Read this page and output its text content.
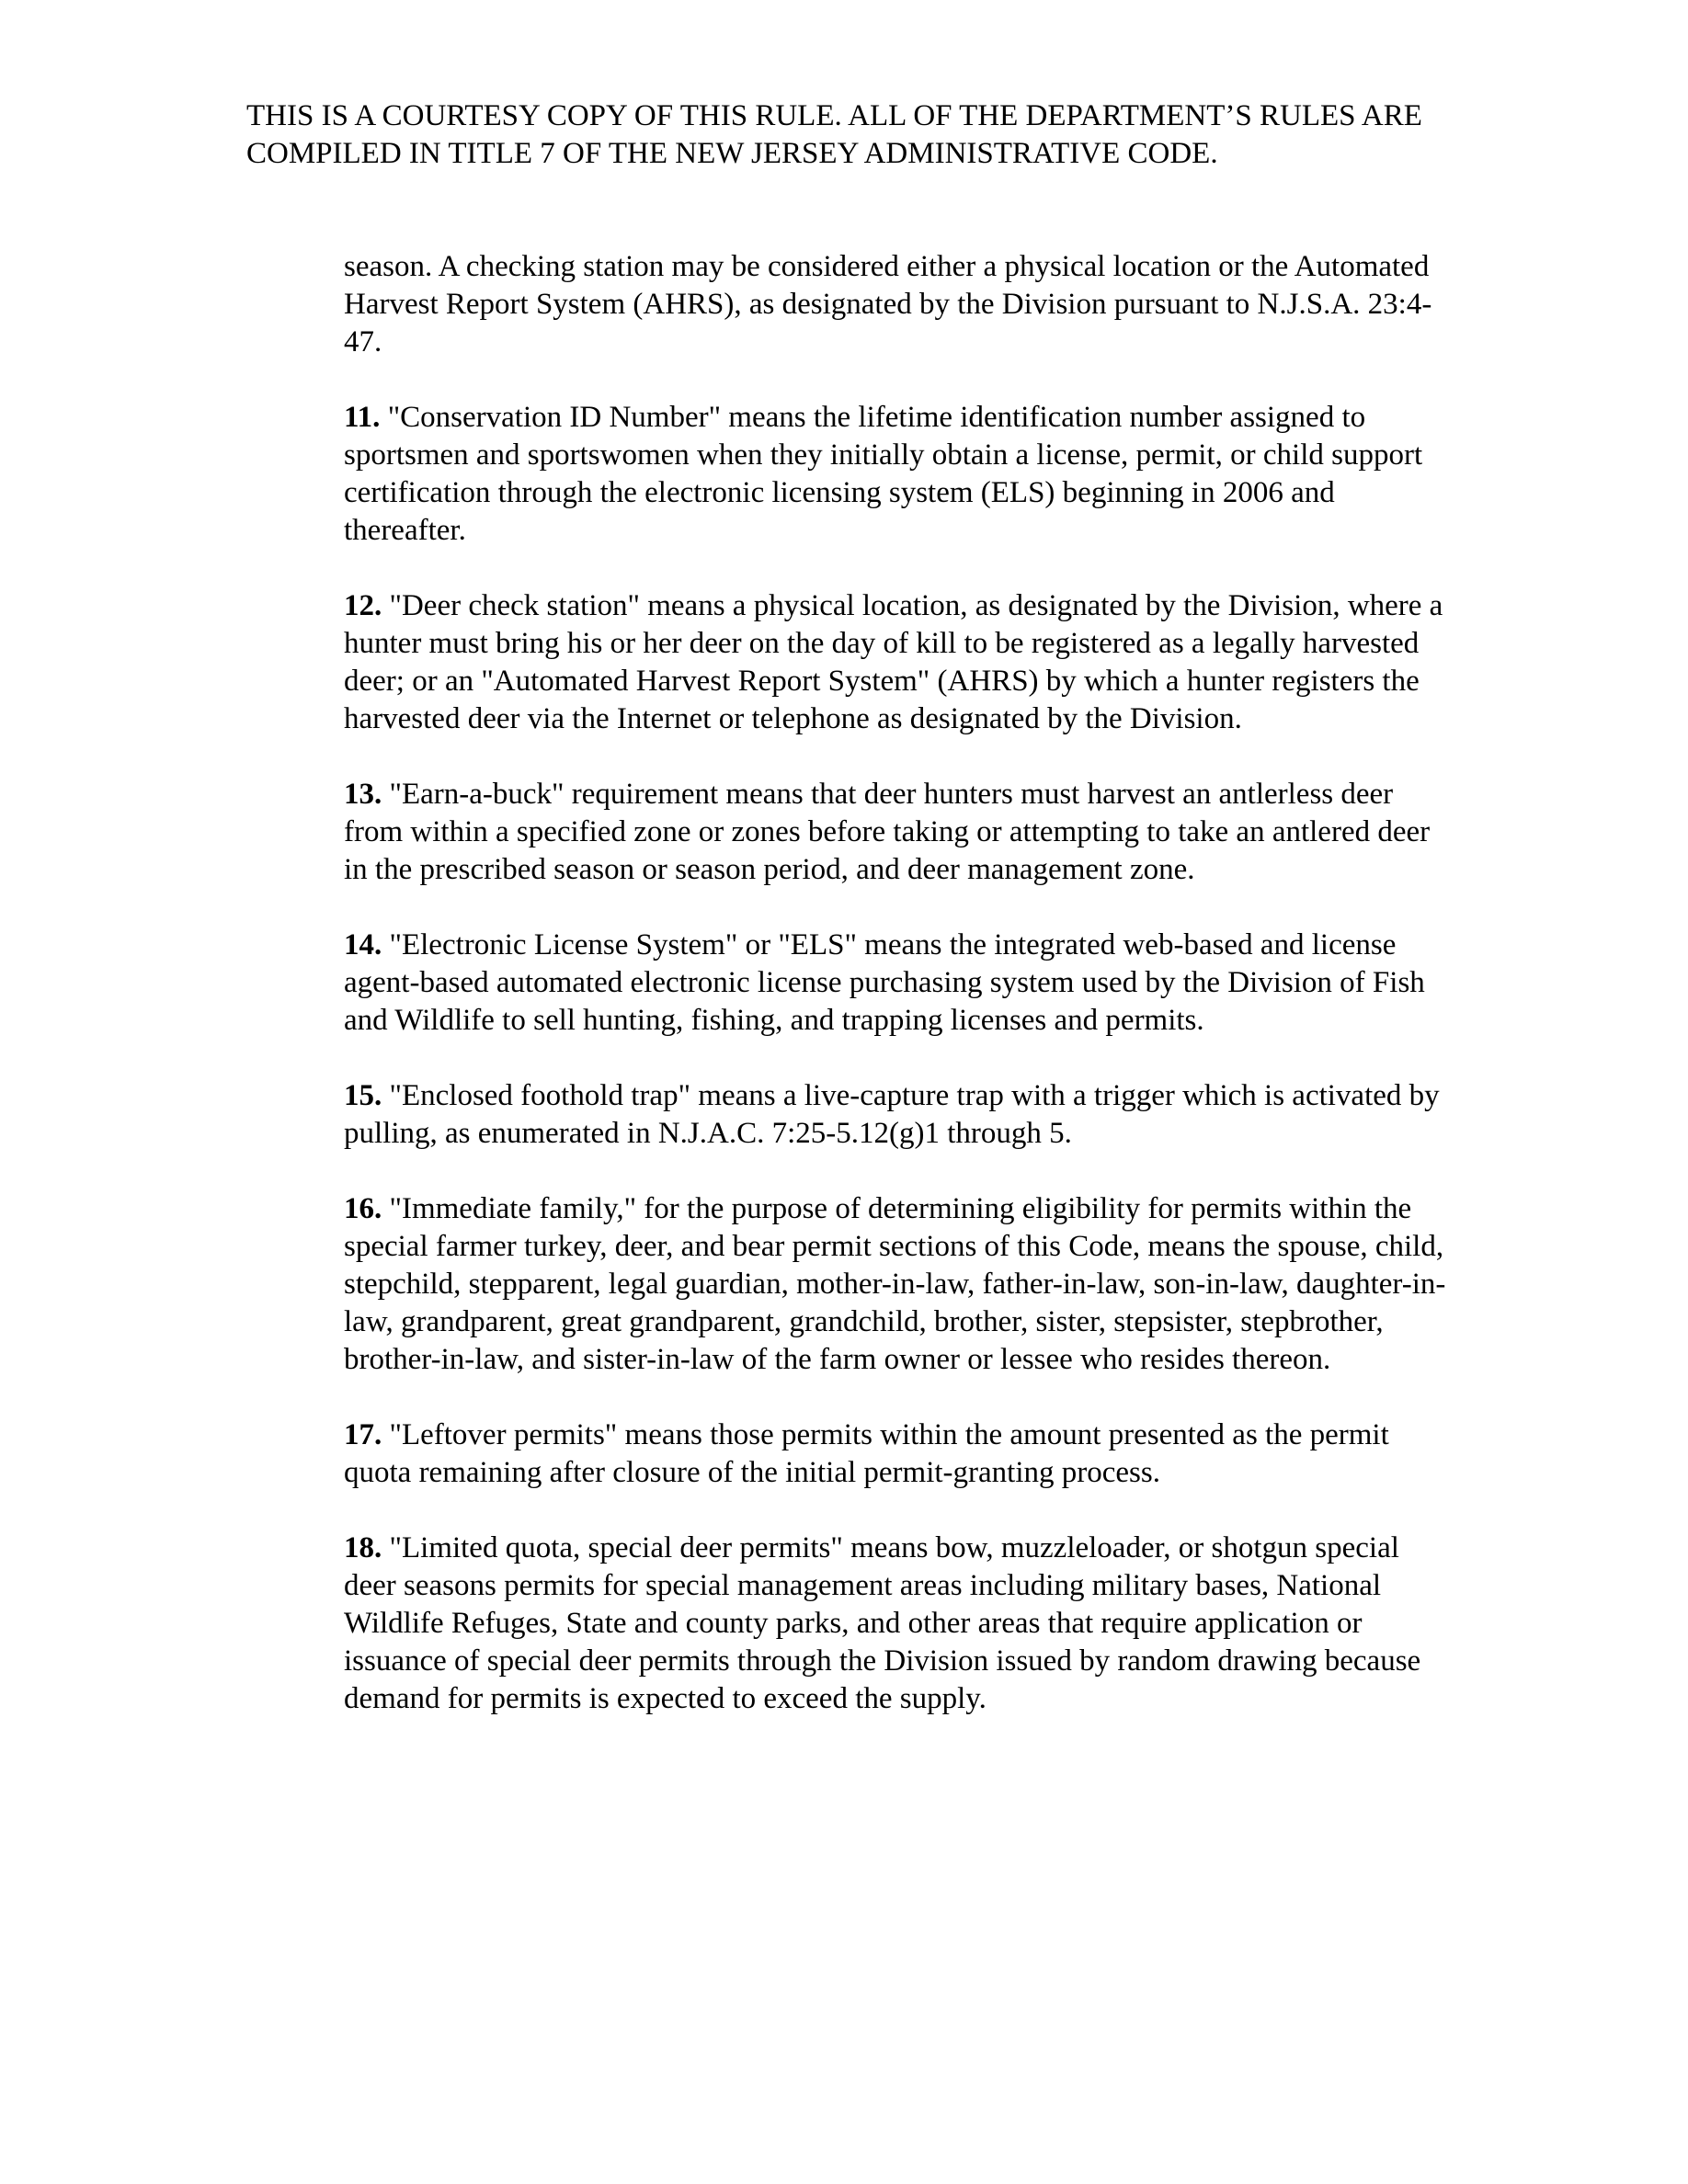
THIS IS A COURTESY COPY OF THIS RULE. ALL OF THE DEPARTMENT’S RULES ARE COMPILED IN TITLE 7 OF THE NEW JERSEY ADMINISTRATIVE CODE.

season. A checking station may be considered either a physical location or the Automated Harvest Report System (AHRS), as designated by the Division pursuant to N.J.S.A. 23:4-47.

11. "Conservation ID Number" means the lifetime identification number assigned to sportsmen and sportswomen when they initially obtain a license, permit, or child support certification through the electronic licensing system (ELS) beginning in 2006 and thereafter.

12. "Deer check station" means a physical location, as designated by the Division, where a hunter must bring his or her deer on the day of kill to be registered as a legally harvested deer; or an "Automated Harvest Report System" (AHRS) by which a hunter registers the harvested deer via the Internet or telephone as designated by the Division.

13. "Earn-a-buck" requirement means that deer hunters must harvest an antlerless deer from within a specified zone or zones before taking or attempting to take an antlered deer in the prescribed season or season period, and deer management zone.

14. "Electronic License System" or "ELS" means the integrated web-based and license agent-based automated electronic license purchasing system used by the Division of Fish and Wildlife to sell hunting, fishing, and trapping licenses and permits.

15. "Enclosed foothold trap" means a live-capture trap with a trigger which is activated by pulling, as enumerated in N.J.A.C. 7:25-5.12(g)1 through 5.

16. "Immediate family," for the purpose of determining eligibility for permits within the special farmer turkey, deer, and bear permit sections of this Code, means the spouse, child, stepchild, stepparent, legal guardian, mother-in-law, father-in-law, son-in-law, daughter-in-law, grandparent, great grandparent, grandchild, brother, sister, stepsister, stepbrother, brother-in-law, and sister-in-law of the farm owner or lessee who resides thereon.

17. "Leftover permits" means those permits within the amount presented as the permit quota remaining after closure of the initial permit-granting process.

18. "Limited quota, special deer permits" means bow, muzzleloader, or shotgun special deer seasons permits for special management areas including military bases, National Wildlife Refuges, State and county parks, and other areas that require application or issuance of special deer permits through the Division issued by random drawing because demand for permits is expected to exceed the supply.
